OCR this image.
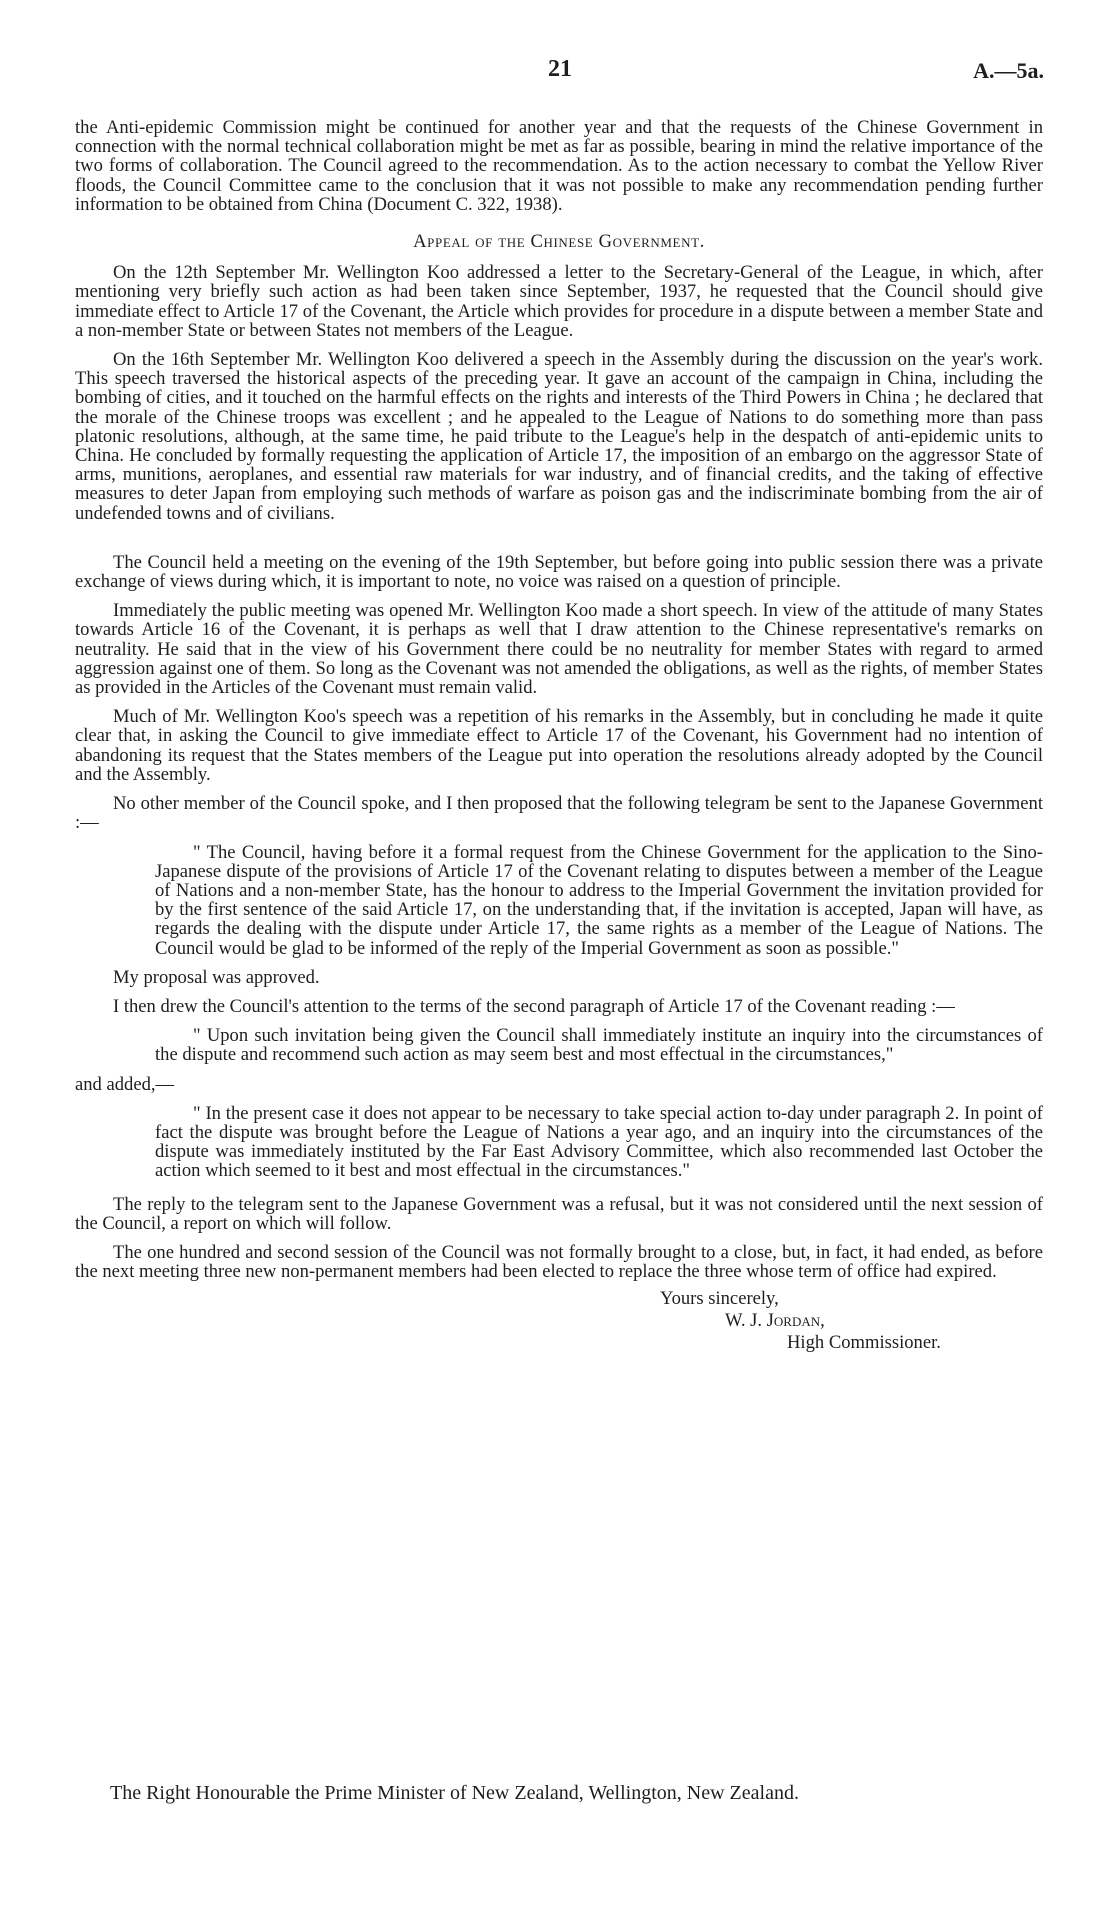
21	A.—5a.

the Anti-epidemic Commission might be continued for another year and that the requests of the Chinese Government in connection with the normal technical collaboration might be met as far as possible, bearing in mind the relative importance of the two forms of collaboration. The Council agreed to the recommendation. As to the action necessary to combat the Yellow River floods, the Council Committee came to the conclusion that it was not possible to make any recommendation pending further information to be obtained from China (Document C. 322, 1938).

Appeal of the Chinese Government.

On the 12th September Mr. Wellington Koo addressed a letter to the Secretary-General of the League, in which, after mentioning very briefly such action as had been taken since September, 1937, he requested that the Council should give immediate effect to Article 17 of the Covenant, the Article which provides for procedure in a dispute between a member State and a non-member State or between States not members of the League.

On the 16th September Mr. Wellington Koo delivered a speech in the Assembly during the discussion on the year's work. This speech traversed the historical aspects of the preceding year. It gave an account of the campaign in China, including the bombing of cities, and it touched on the harmful effects on the rights and interests of the Third Powers in China ; he declared that the morale of the Chinese troops was excellent ; and he appealed to the League of Nations to do something more than pass platonic resolutions, although, at the same time, he paid tribute to the League's help in the despatch of anti-epidemic units to China. He concluded by formally requesting the application of Article 17, the imposition of an embargo on the aggressor State of arms, munitions, aeroplanes, and essential raw materials for war industry, and of financial credits, and the taking of effective measures to deter Japan from employing such methods of warfare as poison gas and the indiscriminate bombing from the air of undefended towns and of civilians.

The Council held a meeting on the evening of the 19th September, but before going into public session there was a private exchange of views during which, it is important to note, no voice was raised on a question of principle.

Immediately the public meeting was opened Mr. Wellington Koo made a short speech. In view of the attitude of many States towards Article 16 of the Covenant, it is perhaps as well that I draw attention to the Chinese representative's remarks on neutrality. He said that in the view of his Government there could be no neutrality for member States with regard to armed aggression against one of them. So long as the Covenant was not amended the obligations, as well as the rights, of member States as provided in the Articles of the Covenant must remain valid.

Much of Mr. Wellington Koo's speech was a repetition of his remarks in the Assembly, but in concluding he made it quite clear that, in asking the Council to give immediate effect to Article 17 of the Covenant, his Government had no intention of abandoning its request that the States members of the League put into operation the resolutions already adopted by the Council and the Assembly.

No other member of the Council spoke, and I then proposed that the following telegram be sent to the Japanese Government :—

" The Council, having before it a formal request from the Chinese Government for the application to the Sino-Japanese dispute of the provisions of Article 17 of the Covenant relating to disputes between a member of the League of Nations and a non-member State, has the honour to address to the Imperial Government the invitation provided for by the first sentence of the said Article 17, on the understanding that, if the invitation is accepted, Japan will have, as regards the dealing with the dispute under Article 17, the same rights as a member of the League of Nations. The Council would be glad to be informed of the reply of the Imperial Government as soon as possible."

My proposal was approved.

I then drew the Council's attention to the terms of the second paragraph of Article 17 of the Covenant reading :—

" Upon such invitation being given the Council shall immediately institute an inquiry into the circumstances of the dispute and recommend such action as may seem best and most effectual in the circumstances,"

and added,—

" In the present case it does not appear to be necessary to take special action to-day under paragraph 2. In point of fact the dispute was brought before the League of Nations a year ago, and an inquiry into the circumstances of the dispute was immediately instituted by the Far East Advisory Committee, which also recommended last October the action which seemed to it best and most effectual in the circumstances."

The reply to the telegram sent to the Japanese Government was a refusal, but it was not considered until the next session of the Council, a report on which will follow.

The one hundred and second session of the Council was not formally brought to a close, but, in fact, it had ended, as before the next meeting three new non-permanent members had been elected to replace the three whose term of office had expired.

Yours sincerely,
W. J. Jordan,
High Commissioner.
The Right Honourable the Prime Minister of New Zealand, Wellington, New Zealand.
